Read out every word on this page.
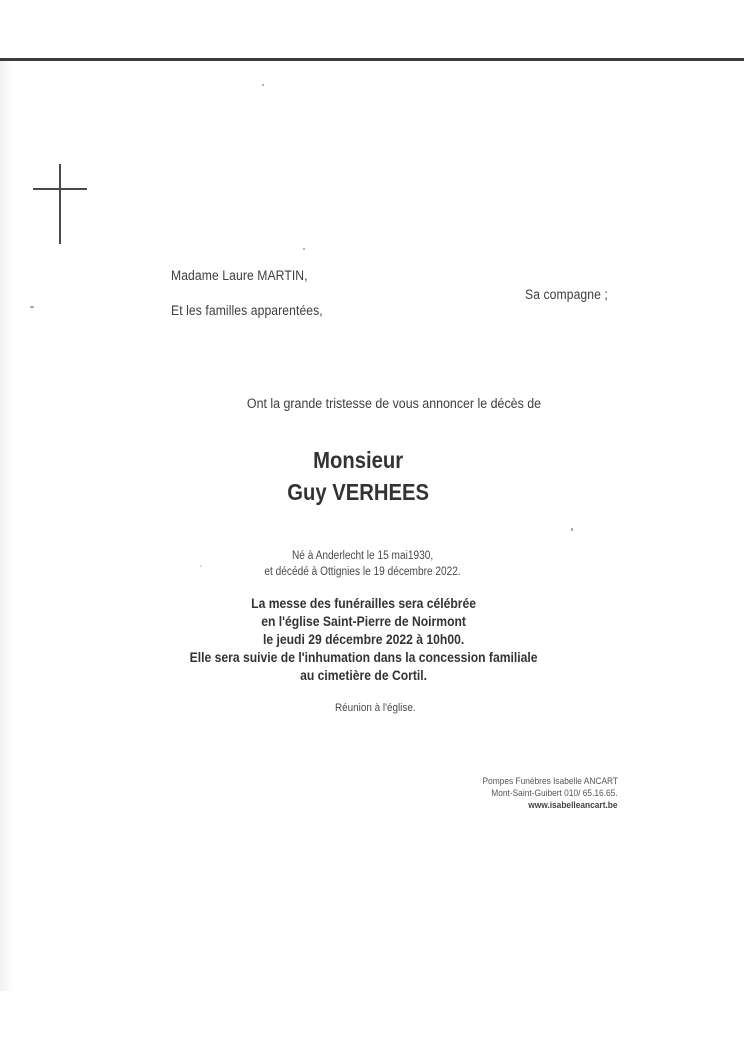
Madame Laure MARTIN,
Sa compagne ;
Et les familles apparentées,
Ont la grande tristesse de vous annoncer le décès de
Monsieur
Guy VERHEES
Né à Anderlecht le 15 mai1930,
et décédé à Ottignies le 19 décembre 2022.
La messe des funérailles sera célébrée
en l'église Saint-Pierre de Noirmont
le jeudi 29 décembre 2022 à 10h00.
Elle sera suivie de l'inhumation dans la concession familiale
au cimetière de Cortil.
Réunion à l'église.
Pompes Funèbres Isabelle ANCART
Mont-Saint-Guibert 010/ 65.16.65.
www.isabelleancart.be
